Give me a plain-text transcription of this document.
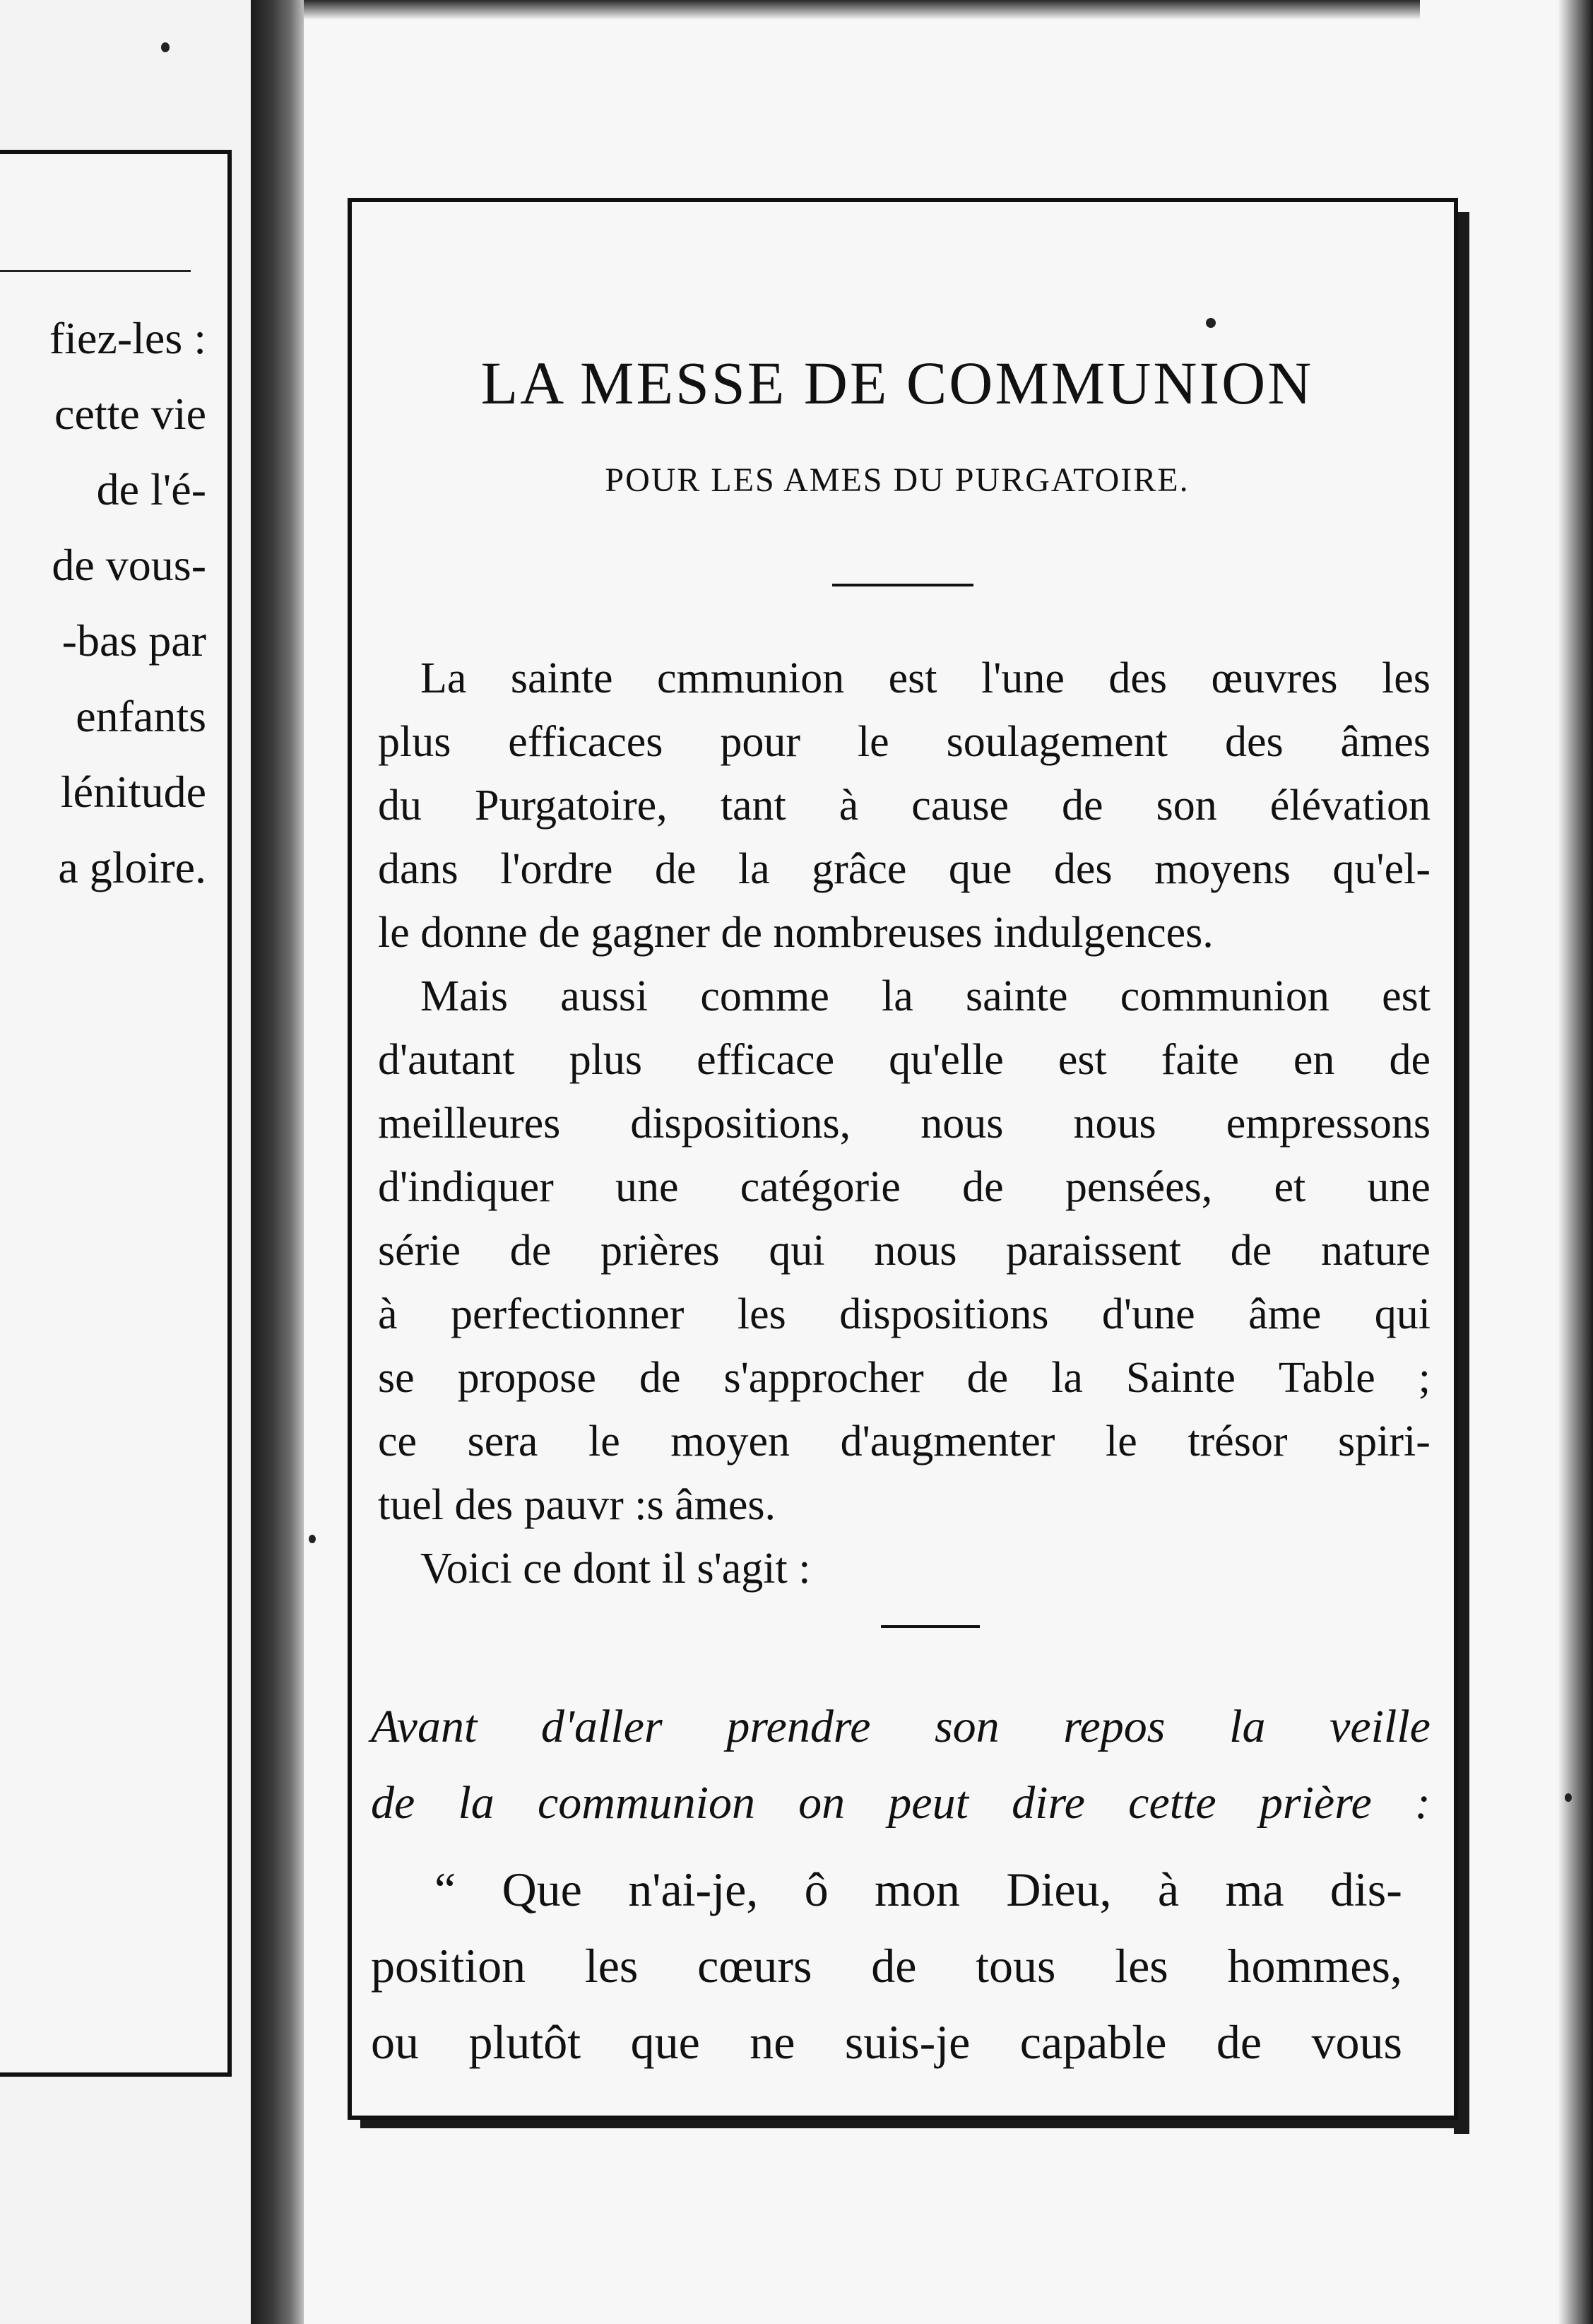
fiez-les :
cette vie
de l'é-
de vous-
-bas par
enfants
lénitude
a gloire.
LA MESSE DE COMMUNION
POUR LES AMES DU PURGATOIRE.
La sainte cmmunion est l'une des œuvres les
plus efficaces pour le soulagement des âmes
du Purgatoire, tant à cause de son élévation
dans l'ordre de la grâce que des moyens qu'el-
le donne de gagner de nombreuses indulgences.
Mais aussi comme la sainte communion est
d'autant plus efficace qu'elle est faite en de
meilleures dispositions, nous nous empressons
d'indiquer une catégorie de pensées, et une
série de prières qui nous paraissent de nature
à perfectionner les dispositions d'une âme qui
se propose de s'approcher de la Sainte Table ;
ce sera le moyen d'augmenter le trésor spiri-
tuel des pauvr :s âmes.
Voici ce dont il s'agit :
Avant d'aller prendre son repos la veille
de la communion on peut dire cette prière :
“ Que n'ai-je, ô mon Dieu, à ma dis-
position les cœurs de tous les hommes,
ou plutôt que ne suis-je capable de vous
